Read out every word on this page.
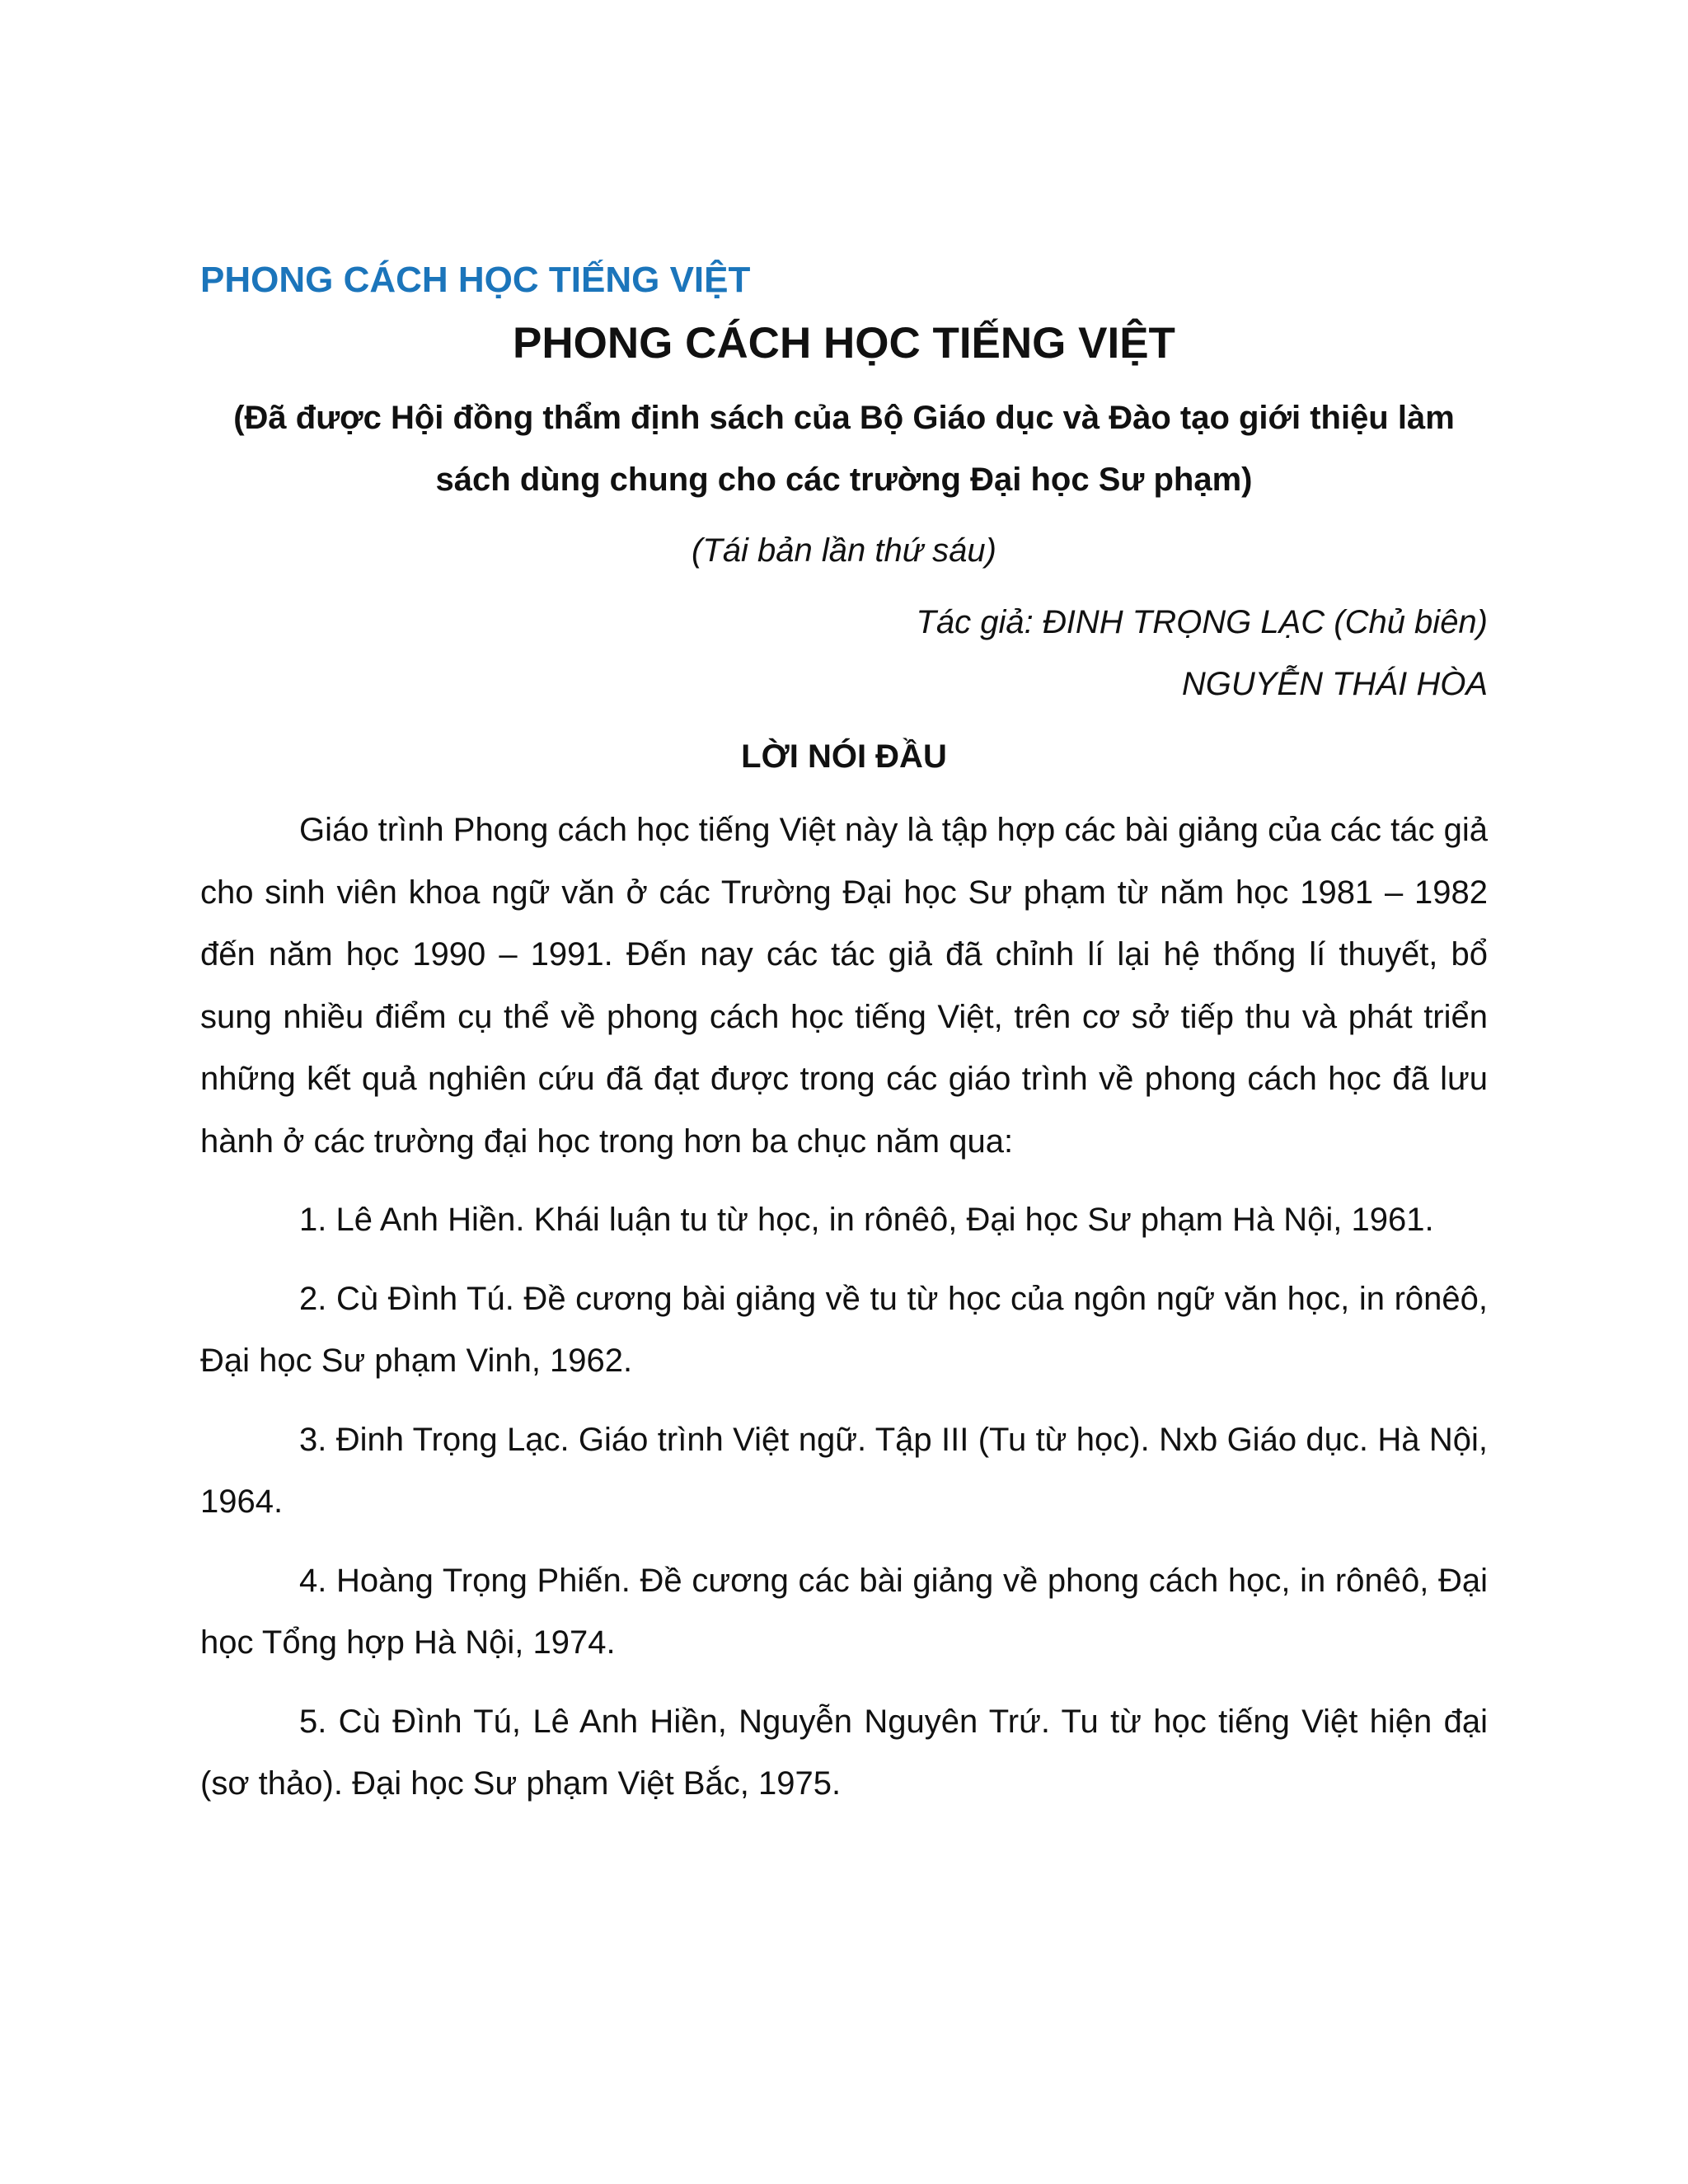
PHONG CÁCH HỌC TIẾNG VIỆT

PHONG CÁCH HỌC TIẾNG VIỆT

(Đã được Hội đồng thẩm định sách của Bộ Giáo dục và Đào tạo giới thiệu làm sách dùng chung cho các trường Đại học Sư phạm)

(Tái bản lần thứ sáu)

Tác giả: ĐINH TRỌNG LẠC (Chủ biên)
NGUYỄN THÁI HÒA
LỜI NÓI ĐẦU

Giáo trình Phong cách học tiếng Việt này là tập hợp các bài giảng của các tác giả cho sinh viên khoa ngữ văn ở các Trường Đại học Sư phạm từ năm học 1981 – 1982 đến năm học 1990 – 1991. Đến nay các tác giả đã chỉnh lí lại hệ thống lí thuyết, bổ sung nhiều điểm cụ thể về phong cách học tiếng Việt, trên cơ sở tiếp thu và phát triển những kết quả nghiên cứu đã đạt được trong các giáo trình về phong cách học đã lưu hành ở các trường đại học trong hơn ba chục năm qua:

1. Lê Anh Hiền. Khái luận tu từ học, in rônêô, Đại học Sư phạm Hà Nội, 1961.

2. Cù Đình Tú. Đề cương bài giảng về tu từ học của ngôn ngữ văn học, in rônêô, Đại học Sư phạm Vinh, 1962.

3. Đinh Trọng Lạc. Giáo trình Việt ngữ. Tập III (Tu từ học). Nxb Giáo dục. Hà Nội, 1964.

4. Hoàng Trọng Phiến. Đề cương các bài giảng về phong cách học, in rônêô, Đại học Tổng hợp Hà Nội, 1974.

5. Cù Đình Tú, Lê Anh Hiền, Nguyễn Nguyên Trứ. Tu từ học tiếng Việt hiện đại (sơ thảo). Đại học Sư phạm Việt Bắc, 1975.
